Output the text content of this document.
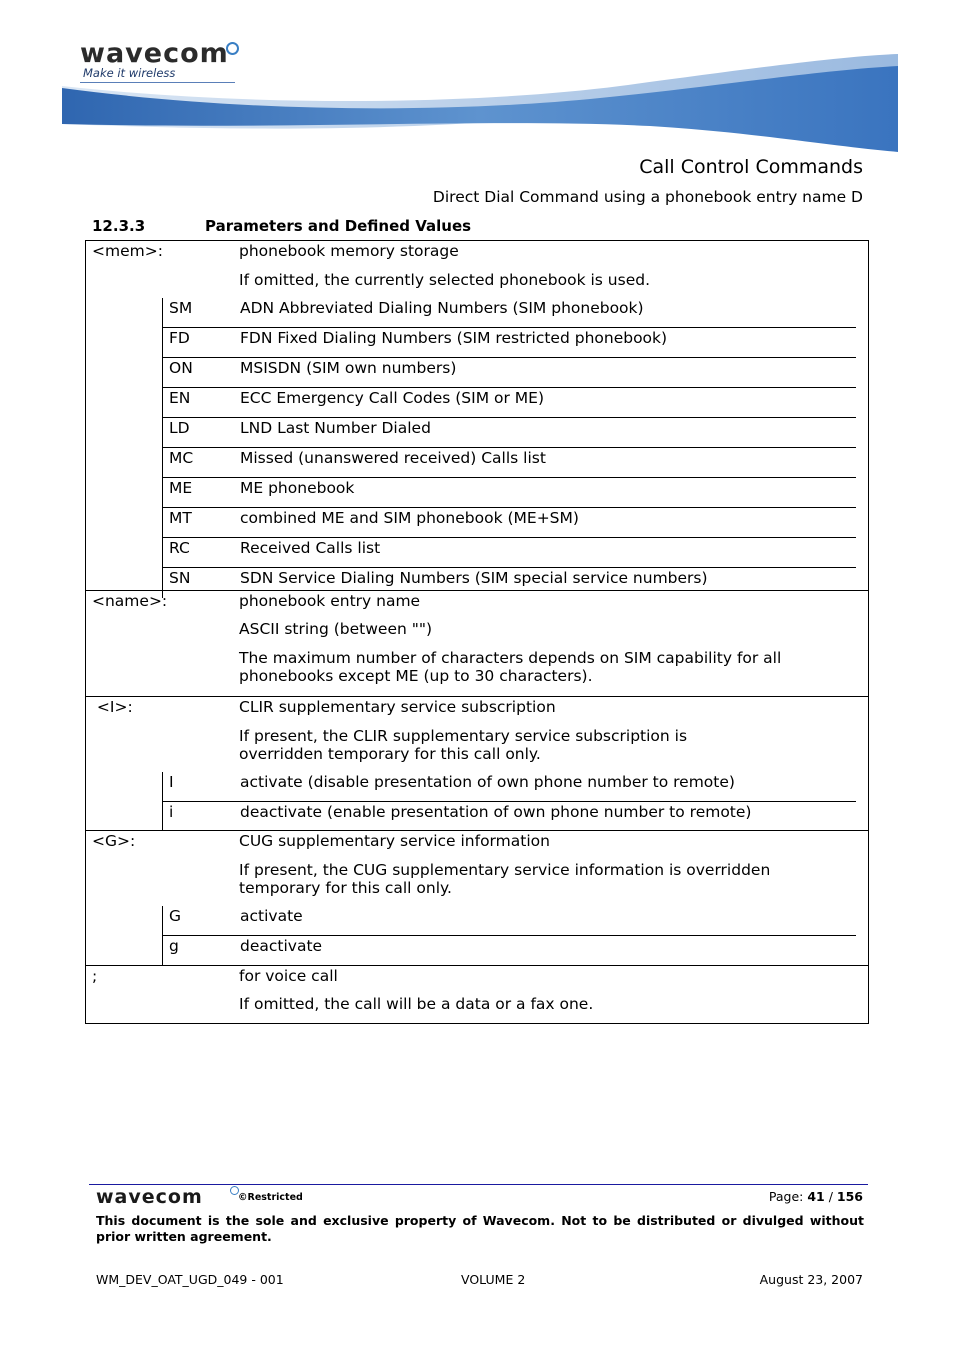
wavecom
Make it wireless
Call Control Commands
Direct Dial Command using a phonebook entry name D
12.3.3	Parameters and Defined Values
<mem>:	phonebook memory storage
If omitted, the currently selected phonebook is used.
SM	ADN Abbreviated Dialing Numbers (SIM phonebook)
FD	FDN Fixed Dialing Numbers (SIM restricted phonebook)
ON	MSISDN (SIM own numbers)
EN	ECC Emergency Call Codes (SIM or ME)
LD	LND Last Number Dialed
MC	Missed (unanswered received) Calls list
ME	ME phonebook
MT	combined ME and SIM phonebook (ME+SM)
RC	Received Calls list
SN	SDN Service Dialing Numbers (SIM special service numbers)
<name>:	phonebook entry name
ASCII string (between "")
The maximum number of characters depends on SIM capability for all phonebooks except ME (up to 30 characters).
<I>:	CLIR supplementary service subscription
If present, the CLIR supplementary service subscription is overridden temporary for this call only.
I	activate (disable presentation of own phone number to remote)
i	deactivate (enable presentation of own phone number to remote)
<G>:	CUG supplementary service information
If present, the CUG supplementary service information is overridden temporary for this call only.
G	activate
g	deactivate
;	for voice call
If omitted, the call will be a data or a fax one.
wavecom	©Restricted	Page: 41 / 156
This document is the sole and exclusive property of Wavecom. Not to be distributed or divulged without prior written agreement.
WM_DEV_OAT_UGD_049 - 001	VOLUME 2	August 23, 2007
